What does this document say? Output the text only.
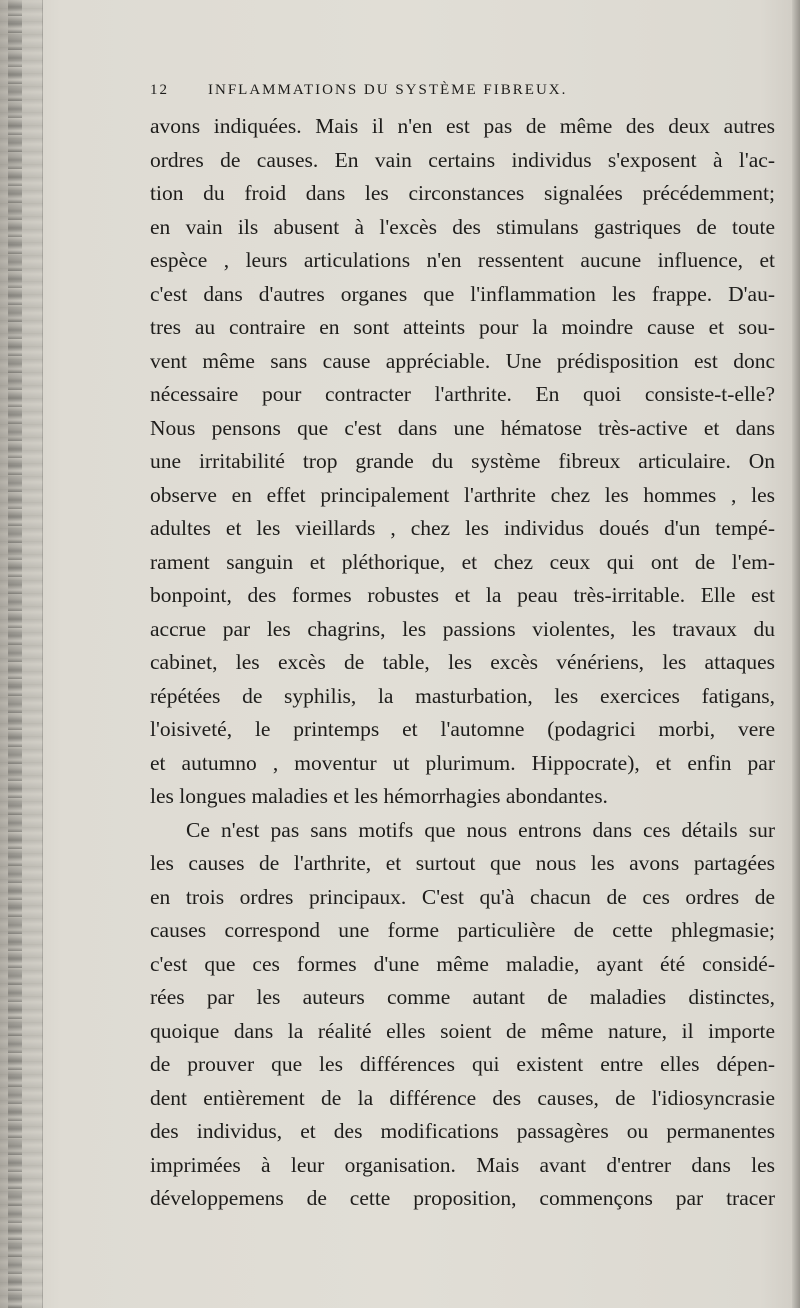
12	INFLAMMATIONS DU SYSTÈME FIBREUX.
avons indiquées. Mais il n'en est pas de même des deux autres
ordres de causes. En vain certains individus s'exposent à l'ac-
tion du froid dans les circonstances signalées précédemment;
en vain ils abusent à l'excès des stimulans gastriques de toute
espèce , leurs articulations n'en ressentent aucune influence, et
c'est dans d'autres organes que l'inflammation les frappe. D'au-
tres au contraire en sont atteints pour la moindre cause et sou-
vent même sans cause appréciable. Une prédisposition est donc
nécessaire pour contracter l'arthrite. En quoi consiste-t-elle?
Nous pensons que c'est dans une hématose très-active et dans
une irritabilité trop grande du système fibreux articulaire. On
observe en effet principalement l'arthrite chez les hommes , les
adultes et les vieillards , chez les individus doués d'un tempé-
rament sanguin et pléthorique, et chez ceux qui ont de l'em-
bonpoint, des formes robustes et la peau très-irritable. Elle est
accrue par les chagrins, les passions violentes, les travaux du
cabinet, les excès de table, les excès vénériens, les attaques
répétées de syphilis, la masturbation, les exercices fatigans,
l'oisiveté, le printemps et l'automne (podagrici morbi, vere
et autumno , moventur ut plurimum. Hippocrate), et enfin par
les longues maladies et les hémorrhagies abondantes.
Ce n'est pas sans motifs que nous entrons dans ces détails sur
les causes de l'arthrite, et surtout que nous les avons partagées
en trois ordres principaux. C'est qu'à chacun de ces ordres de
causes correspond une forme particulière de cette phlegmasie;
c'est que ces formes d'une même maladie, ayant été considé-
rées par les auteurs comme autant de maladies distinctes,
quoique dans la réalité elles soient de même nature, il importe
de prouver que les différences qui existent entre elles dépen-
dent entièrement de la différence des causes, de l'idiosyncrasie
des individus, et des modifications passagères ou permanentes
imprimées à leur organisation. Mais avant d'entrer dans les
développemens de cette proposition, commençons par tracer
